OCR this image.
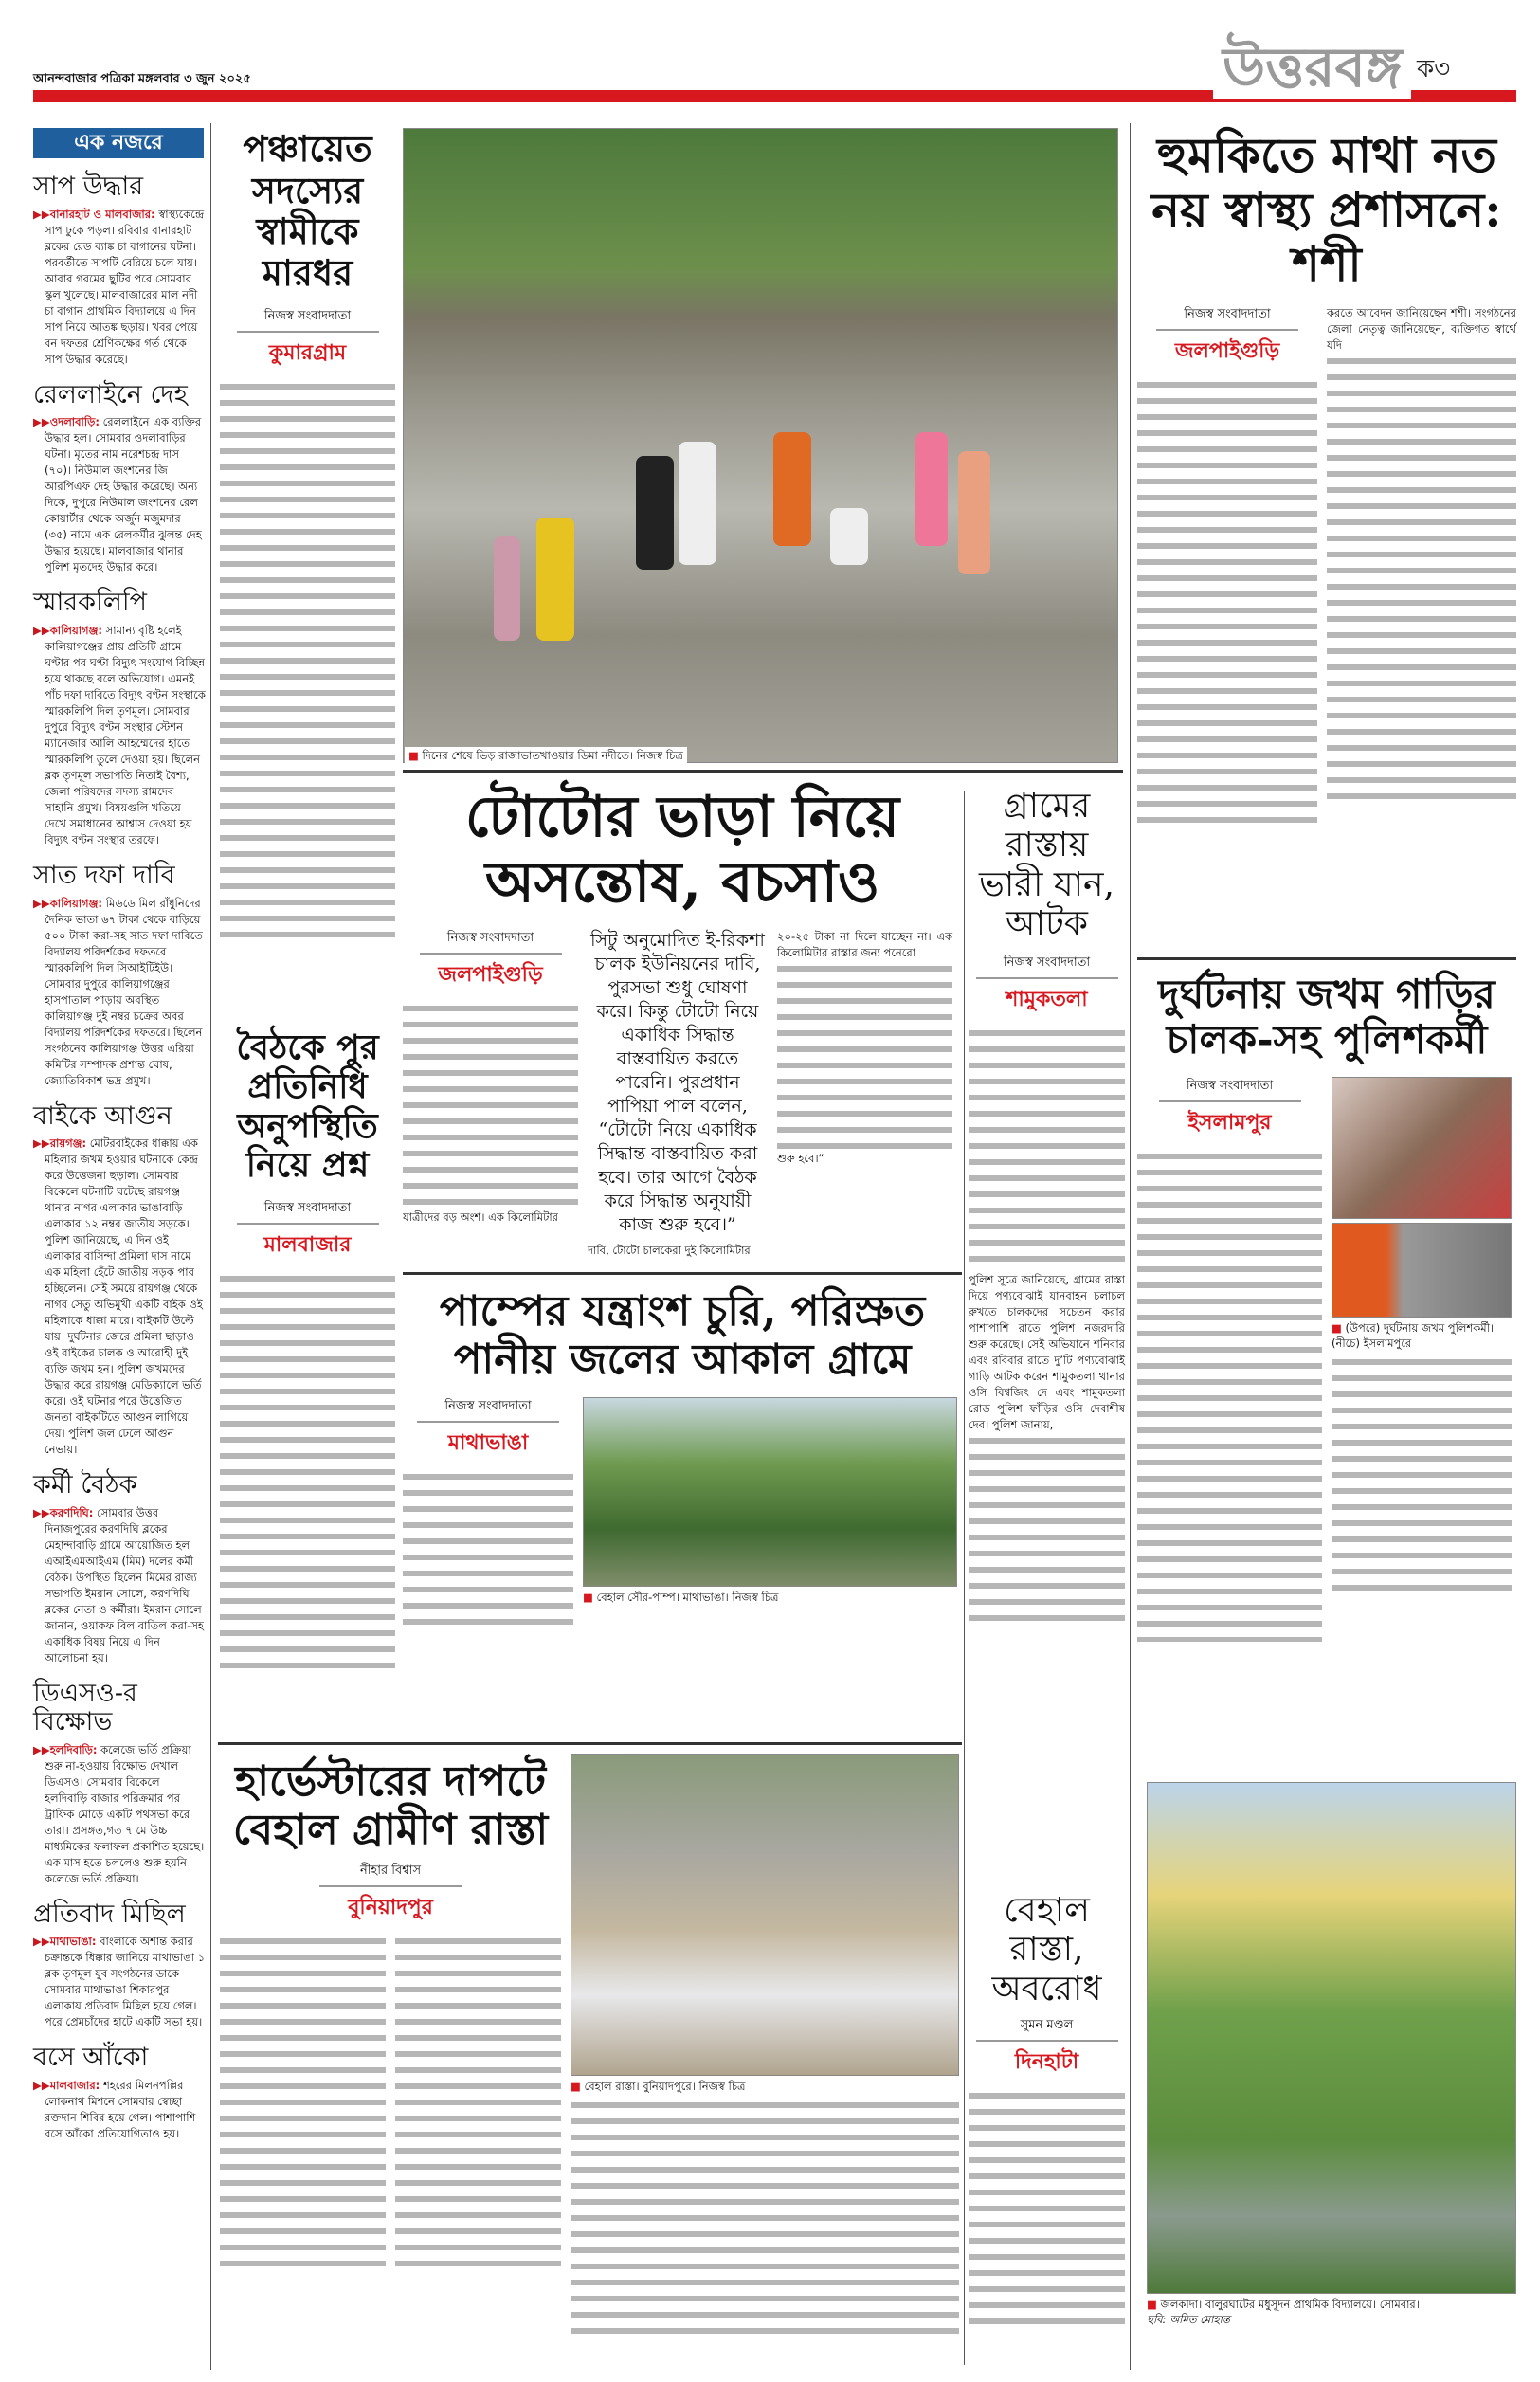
আনন্দবাজার পত্রিকা মঙ্গলবার ৩ জুন ২০২৫	উত্তরবঙ্গ ক৩
এক নজরে
সাপ উদ্ধার

▶▶বানারহাট ও মালবাজার: স্বাস্থ্যকেন্দ্রে সাপ ঢুকে পড়ল। রবিবার বানারহাট ব্লকের রেড ব্যাঙ্ক চা বাগানের ঘটনা। পরবর্তীতে সাপটি বেরিয়ে চলে যায়। আবার গরমের ছুটির পরে সোমবার স্কুল খুলেছে। মালবাজারের মাল নদী চা বাগান প্রাথমিক বিদ্যালয়ে এ দিন সাপ নিয়ে আতঙ্ক ছড়ায়। খবর পেয়ে বন দফতর শ্রেণিকক্ষের গর্ত থেকে সাপ উদ্ধার করেছে।

রেললাইনে দেহ

▶▶ওদলাবাড়ি: রেললাইনে এক ব্যক্তির উদ্ধার হল। সোমবার ওদলাবাড়ির ঘটনা। মৃতের নাম নরেশচন্দ্র দাস (৭০)। নিউমাল জংশনের জি আরপিএফ দেহ উদ্ধার করেছে। অন্য দিকে, দুপুরে নিউমাল জংশনের রেল কোয়ার্টার থেকে অর্জুন মজুমদার (৩৫) নামে এক রেলকর্মীর ঝুলন্ত দেহ উদ্ধার হয়েছে। মালবাজার থানার পুলিশ মৃতদেহ উদ্ধার করে।

স্মারকলিপি

▶▶কালিয়াগঞ্জ: সামান্য বৃষ্টি হলেই কালিয়াগঞ্জের প্রায় প্রতিটি গ্রামে ঘণ্টার পর ঘণ্টা বিদ্যুৎ সংযোগ বিচ্ছিন্ন হয়ে থাকছে বলে অভিযোগ। এমনই পাঁচ দফা দাবিতে বিদ্যুৎ বণ্টন সংস্থাকে স্মারকলিপি দিল তৃণমূল। সোমবার দুপুরে বিদ্যুৎ বণ্টন সংস্থার স্টেশন ম্যানেজার আলি আহম্মেদের হাতে স্মারকলিপি তুলে দেওয়া হয়। ছিলেন ব্লক তৃণমূল সভাপতি নিতাই বৈশ্য, জেলা পরিষদের সদস্য রামদেব সাহানি প্রমুখ। বিষয়গুলি খতিয়ে দেখে সমাধানের আশ্বাস দেওয়া হয় বিদ্যুৎ বণ্টন সংস্থার তরফে।

সাত দফা দাবি

▶▶কালিয়াগঞ্জ: মিডডে মিল রাঁধুনিদের দৈনিক ভাতা ৬৭ টাকা থেকে বাড়িয়ে ৫০০ টাকা করা-সহ সাত দফা দাবিতে বিদ্যালয় পরিদর্শকের দফতরে স্মারকলিপি দিল সিআইটিইউ। সোমবার দুপুরে কালিয়াগঞ্জের হাসপাতাল পাড়ায় অবস্থিত কালিয়াগঞ্জ দুই নম্বর চক্রের অবর বিদ্যালয় পরিদর্শকের দফতরে। ছিলেন সংগঠনের কালিয়াগঞ্জ উত্তর এরিয়া কমিটির সম্পাদক প্রশান্ত ঘোষ, জ্যোতিবিকাশ ভদ্র প্রমুখ।

বাইকে আগুন

▶▶রায়গঞ্জ: মোটরবাইকের ধাক্কায় এক মহিলার জখম হওয়ার ঘটনাকে কেন্দ্র করে উত্তেজনা ছড়াল। সোমবার বিকেলে ঘটনাটি ঘটেছে রায়গঞ্জ থানার নাগর এলাকার ভাঙাবাড়ি এলাকার ১২ নম্বর জাতীয় সড়কে। পুলিশ জানিয়েছে, এ দিন ওই এলাকার বাসিন্দা প্রমিলা দাস নামে এক মহিলা হেঁটে জাতীয় সড়ক পার হচ্ছিলেন। সেই সময়ে রায়গঞ্জ থেকে নাগর সেতু অভিমুখী একটি বাইক ওই মহিলাকে ধাক্কা মারে। বাইকটি উল্টে যায়। দুর্ঘটনার জেরে প্রমিলা ছাড়াও ওই বাইকের চালক ও আরোহী দুই ব্যক্তি জখম হন। পুলিশ জখমদের উদ্ধার করে রায়গঞ্জ মেডিক্যালে ভর্তি করে। ওই ঘটনার পরে উত্তেজিত জনতা বাইকটিতে আগুন লাগিয়ে দেয়। পুলিশ জল ঢেলে আগুন নেভায়।

কর্মী বৈঠক

▶▶করণদিঘি: সোমবার উত্তর দিনাজপুরের করণদিঘি ব্লকের মেহান্দাবাড়ি গ্রামে আয়োজিত হল এআইএমআইএম (মিম) দলের কর্মী বৈঠক। উপস্থিত ছিলেন মিমের রাজ্য সভাপতি ইমরান সোলে, করণদিঘি ব্লকের নেতা ও কর্মীরা। ইমরান সোলে জানান, ওয়াকফ বিল বাতিল করা-সহ একাধিক বিষয় নিয়ে এ দিন আলোচনা হয়।

ডিএসও-র বিক্ষোভ

▶▶হলদিবাড়ি: কলেজে ভর্তি প্রক্রিয়া শুরু না-হওয়ায় বিক্ষোভ দেখাল ডিএসও। সোমবার বিকেলে হলদিবাড়ি বাজার পরিক্রমার পর ট্রাফিক মোড়ে একটি পথসভা করে তারা। প্রসঙ্গত,গত ৭ মে উচ্চ মাধ্যমিকের ফলাফল প্রকাশিত হয়েছে। এক মাস হতে চললেও শুরু হয়নি কলেজে ভর্তি প্রক্রিয়া।

প্রতিবাদ মিছিল

▶▶মাথাভাঙা: বাংলাকে অশান্ত করার চক্রান্তকে ধিক্কার জানিয়ে মাথাভাঙা ১ ব্লক তৃণমূল যুব সংগঠনের ডাকে সোমবার মাথাভাঙা শিকারপুর এলাকায় প্রতিবাদ মিছিল হয়ে গেল। পরে প্রেমচাঁদের হাটে একটি সভা হয়।

বসে আঁকো

▶▶মালবাজার: শহরের মিলনপল্লির লোকনাথ মিশনে সোমবার স্বেচ্ছা রক্তদান শিবির হয়ে গেল। পাশাপাশি বসে আঁকো প্রতিযোগিতাও হয়।

পঞ্চায়েত সদস্যের স্বামীকে মারধর
নিজস্ব সংবাদদাতা
কুমারগ্রাম
বৈঠকে পুর প্রতিনিধি অনুপস্থিতি নিয়ে প্রশ্ন
নিজস্ব সংবাদদাতা
মালবাজার
■ দিনের শেষে ভিড় রাজাভাতখাওয়ার ডিমা নদীতে। নিজস্ব চিত্র
টোটোর ভাড়া নিয়ে অসন্তোষ, বচসাও
নিজস্ব সংবাদদাতা
জলপাইগুড়ি
যাত্রীদের বড় অংশ। এক কিলোমিটার
সিটু অনুমোদিত ই-রিকশা চালক ইউনিয়নের দাবি, পুরসভা শুধু ঘোষণা করে। কিন্তু টোটো নিয়ে একাধিক সিদ্ধান্ত বাস্তবায়িত করতে পারেনি। পুরপ্রধান পাপিয়া পাল বলেন, “টোটো নিয়ে একাধিক সিদ্ধান্ত বাস্তবায়িত করা হবে। তার আগে বৈঠক করে সিদ্ধান্ত অনুযায়ী কাজ শুরু হবে।”
দাবি, টোটো চালকেরা দুই কিলোমিটার
২০-২৫ টাকা না দিলে যাচ্ছেন না। এক কিলোমিটার রাস্তার জন্য পনেরো
শুরু হবে।”
পাম্পের যন্ত্রাংশ চুরি, পরিস্রুত পানীয় জলের আকাল গ্রামে
নিজস্ব সংবাদদাতা
মাথাভাঙা
■ বেহাল সৌর-পাম্প। মাথাভাঙা। নিজস্ব চিত্র
গ্রামের রাস্তায় ভারী যান, আটক
নিজস্ব সংবাদদাতা
শামুকতলা
পুলিশ সূত্রে জানিয়েছে, গ্রামের রাস্তা দিয়ে পণ্যবোঝাই যানবাহন চলাচল রুখতে চালকদের সচেতন করার পাশাপাশি রাতে পুলিশ নজরদারি শুরু করেছে। সেই অভিযানে শনিবার এবং রবিবার রাতে দু’টি পণ্যবোঝাই গাড়ি আটক করেন শামুকতলা থানার ওসি বিশ্বজিৎ দে এবং শামুকতলা রোড পুলিশ ফাঁড়ির ওসি দেবাশীষ দেব। পুলিশ জানায়,
বেহাল রাস্তা, অবরোধ
সুমন মণ্ডল
দিনহাটা
হার্ভেস্টারের দাপটে বেহাল গ্রামীণ রাস্তা
নীহার বিশ্বাস
বুনিয়াদপুর
■ বেহাল রাস্তা। বুনিয়াদপুরে। নিজস্ব চিত্র
হুমকিতে মাথা নত নয় স্বাস্থ্য প্রশাসনে: শশী
নিজস্ব সংবাদদাতা
জলপাইগুড়ি
করতে আবেদন জানিয়েছেন শশী। সংগঠনের জেলা নেতৃত্ব জানিয়েছেন, ব্যক্তিগত স্বার্থে যদি
দুর্ঘটনায় জখম গাড়ির চালক-সহ পুলিশকর্মী
নিজস্ব সংবাদদাতা
ইসলামপুর
■ (উপরে) দুর্ঘটনায় জখম পুলিশকর্মী। (নীচে) ইসলামপুরে
■ জলকাদা। বালুরঘাটের মধুসূদন প্রাথমিক বিদ্যালয়ে। সোমবার।
ছবি: অমিত মোহান্ত
